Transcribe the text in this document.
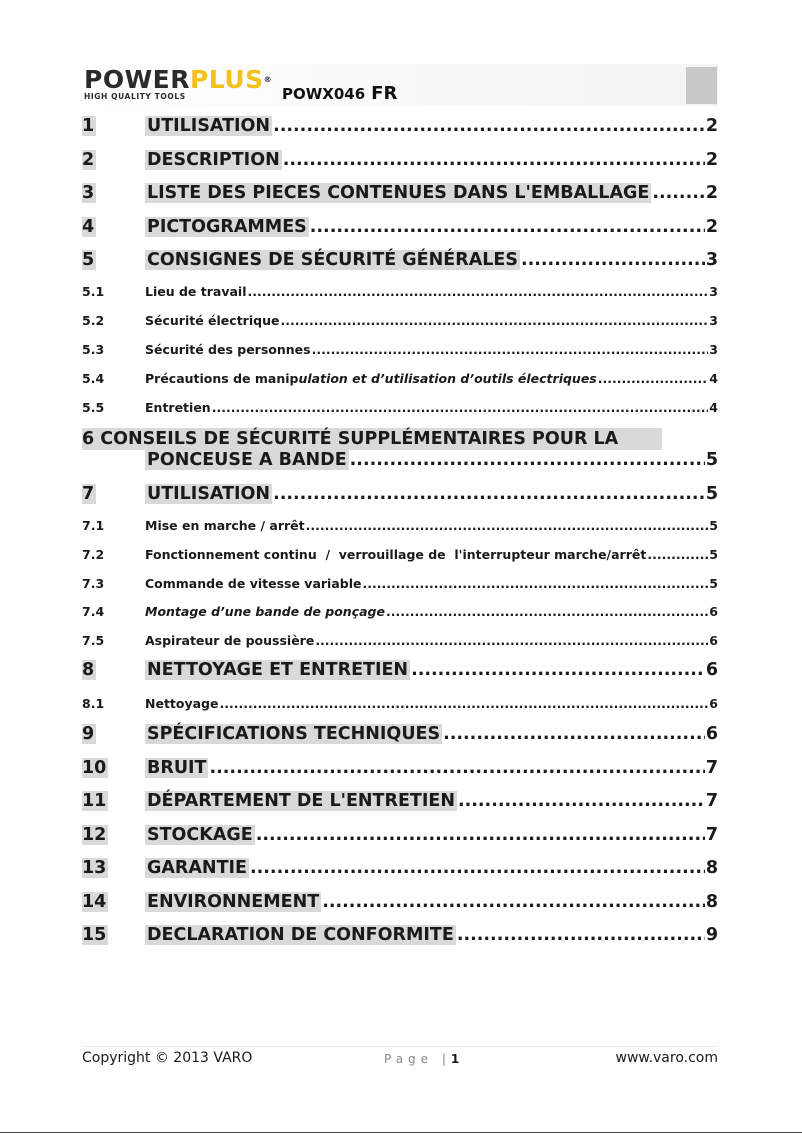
POWERPLUS®
HIGH QUALITY TOOLS	POWX046 FR
1	UTILISATION .....	2
2	DESCRIPTION .....	2
3	LISTE DES PIECES CONTENUES DANS L'EMBALLAGE .....	2
4	PICTOGRAMMES .....	2
5	CONSIGNES DE SÉCURITÉ GÉNÉRALES .....	3
5.1	Lieu de travail .....	3
5.2	Sécurité électrique .....	3
5.3	Sécurité des personnes .....	3
5.4	Précautions de manipulation et d’utilisation d’outils électriques .....	4
5.5	Entretien .....	4
6 CONSEILS DE SÉCURITÉ SUPPLÉMENTAIRES POUR LA
PONCEUSE A BANDE .....	5
7	UTILISATION .....	5
7.1	Mise en marche / arrêt .....	5
7.2	Fonctionnement continu  /  verrouillage de  l'interrupteur marche/arrêt .....	5
7.3	Commande de vitesse variable .....	5
7.4	Montage d’une bande de ponçage .....	6
7.5	Aspirateur de poussière .....	6
8	NETTOYAGE ET ENTRETIEN .....	6
8.1	Nettoyage .....	6
9	SPÉCIFICATIONS TECHNIQUES .....	6
10 BRUIT .....	7
11 DÉPARTEMENT DE L'ENTRETIEN .....	7
12 STOCKAGE .....	7
13 GARANTIE .....	8
14 ENVIRONNEMENT .....	8
15 DECLARATION DE CONFORMITE .....	9
Copyright © 2013 VARO	Page |1	www.varo.com
